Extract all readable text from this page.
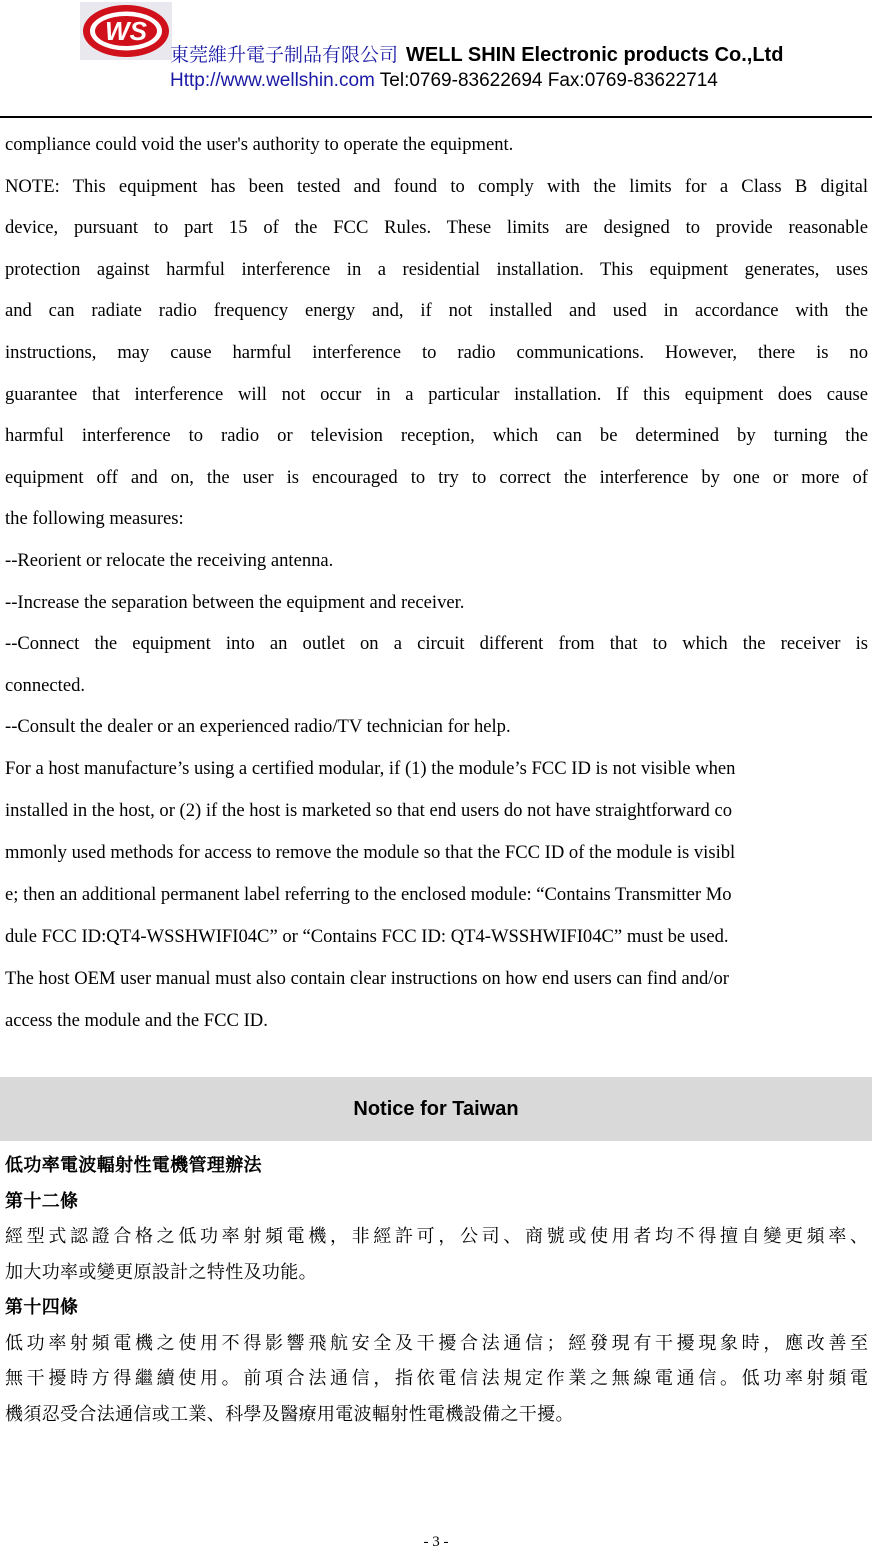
WS
東莞維升電子制品有限公司 WELL SHIN Electronic products Co.,Ltd
Http://www.wellshin.com Tel:0769-83622694 Fax:0769-83622714
compliance could void the user's authority to operate the equipment.
NOTE: This equipment has been tested and found to comply with the limits for a Class B digital
device, pursuant to part 15 of the FCC Rules. These limits are designed to provide reasonable
protection against harmful interference in a residential installation. This equipment generates, uses
and can radiate radio frequency energy and, if not installed and used in accordance with the
instructions, may cause harmful interference to radio communications. However, there is no
guarantee that interference will not occur in a particular installation. If this equipment does cause
harmful interference to radio or television reception, which can be determined by turning the
equipment off and on, the user is encouraged to try to correct the interference by one or more of
the following measures:
--Reorient or relocate the receiving antenna.
--Increase the separation between the equipment and receiver.
--Connect the equipment into an outlet on a circuit different from that to which the receiver is
connected.
--Consult the dealer or an experienced radio/TV technician for help.
For a host manufacture’s using a certified modular, if (1) the module’s FCC ID is not visible when
installed in the host, or (2) if the host is marketed so that end users do not have straightforward co
mmonly used methods for access to remove the module so that the FCC ID of the module is visibl
e; then an additional permanent label referring to the enclosed module: “Contains Transmitter Mo
dule FCC ID:QT4-WSSHWIFI04C” or “Contains FCC ID: QT4-WSSHWIFI04C” must be used.
The host OEM user manual must also contain clear instructions on how end users can find and/or
access the module and the FCC ID.
Notice for Taiwan
低功率電波輻射性電機管理辦法
第十二條
經型式認證合格之低功率射頻電機，非經許可，公司、商號或使用者均不得擅自變更頻率、
加大功率或變更原設計之特性及功能。
第十四條
低功率射頻電機之使用不得影響飛航安全及干擾合法通信；經發現有干擾現象時，應改善至
無干擾時方得繼續使用。前項合法通信，指依電信法規定作業之無線電通信。低功率射頻電
機須忍受合法通信或工業、科學及醫療用電波輻射性電機設備之干擾。
- 3 -
